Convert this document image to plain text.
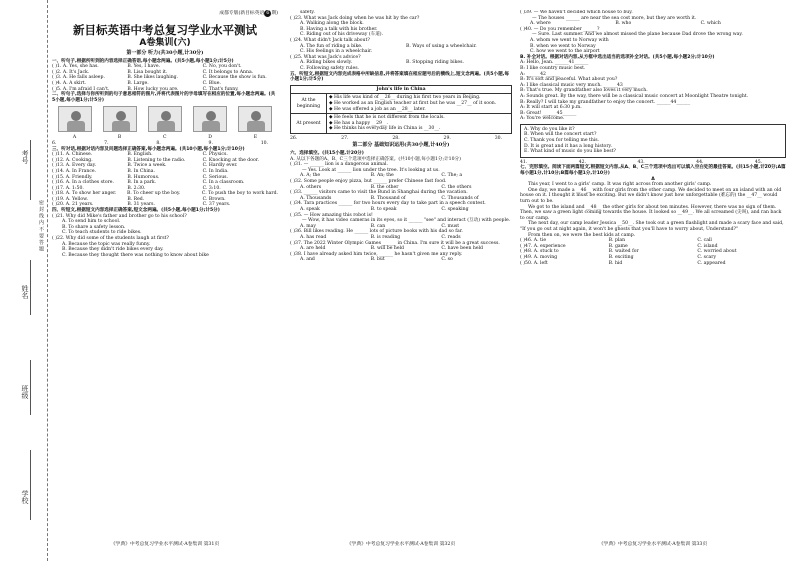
考号
姓名
班级
学校
密 封 线 内 不 要 答 题
成都专版(新目标英语 6 期)
新目标英语中考总复习学业水平测试
A卷集训(六)
第一部分 听力(共30小题,计30分)
一、听句子,根据所听到的内容选择正确答语,每小题念两遍。(共5小题,每小题1分;计5分)
( )1. A. Yes, she has.	B. Yes, I have.	C. No, you don't.
( )2. A. It's Jack.	B. Lisa bought it.	C. It belongs to Anna.
( )3. A. He falls asleep.	B. She likes laughing.	C. Because the show is fun.
( )4. A. A skirt.	B. Large.	C. Blue.
( )5. A. I'm afraid I can't.	B. How lucky you are.	C. That's funny.
二、听句子,选择与你所听到的句子意思相符的图片,并将代表图片的字母填写在相应的位置,每小题念两遍。(共5小题,每小题1分;计5分)
A	B	C	D	E
6.	7.	8.	9.	10.
三、听对话,根据对话内容及问题选择正确答案,每小题念两遍。(共10小题,每小题1分;计10分)
( )11. A. Chinese.	B. English.	C. Physics.
( )12. A. Cooking.	B. Listening to the radio.	C. Knocking at the door.
( )13. A. Every day.	B. Twice a week.	C. Hardly ever.
( )14. A. In France.	B. In China.	C. In India.
( )15. A. Friendly.	B. Humorous.	C. Serious.
( )16. A. In a clothes store.	B. In a park.	C. In a classroom.
( )17. A. 1:50.	B. 2:30.	C. 3:10.
( )18. A. To show her anger.	B. To cheer up the boy.	C. To push the boy to work hard.
( )19. A. Yellow.	B. Red.	C. Brown.
( )20. A. 21 years.	B. 31 years.	C. 37 years.
四、听短文,根据短文内容选择正确答案,短文念两遍。(共5小题,每小题1分;计5分)
( )21. Why did Mike's father and brother go to his school?
A. To send him to school.
B. To share a safety lesson.
C. To teach students to ride bikes.
( )22. Why did some of the students laugh at first?
A. Because the topic was really funny.
B. Because they didn't ride bikes every day.
C. Because they thought there was nothing to know about bike
safety.
( )23. What was Jack doing when he was hit by the car?
A. Walking along the block.
B. Having a talk with his brother.
C. Riding out of his driveway (车道).
( )24. What didn't Jack talk about?
A. The fun of riding a bike.	B. Ways of using a wheelchair.
C. His feelings in a wheelchair.
( )25. What was Jack's advice?
A. Riding bikes slowly.	B. Stopping riding bikes.
C. Following safety rules.
五、听短文,根据短文内容完成表格中所缺信息,并将答案填在相应题号后的横线上,短文念两遍。(共5小题,每小题1分;计5分)
John's life in China
At the beginning
◆ His life was kind of __26__ during his first two years in Beijing.
◆ He worked as an English teacher at first but he was __27__ of it soon.
◆ He was offered a job as an __28__ later.
At present
◆ He feels that he is not different from the locals.
◆ He has a happy __29__.
◆ He thinks his everyday life in China is __30__.
26.	27.	28.	29.	30.
第二部分 基础知识运用(共30小题,计40分)
六、选择填空。(共15小题,计20分)
A. 从以下各题的A、B、C三个选项中选择正确答案。(共10小题,每小题1分;计10分)
( )31. — ______ lion is a dangerous animal.
— Yes. Look at ______ lion under the tree. It's looking at us.
A. A; the	B. An; the	C. The; a
( )32. Some people enjoy pizza, but ______ prefer Chinese fast food.
A. others	B. the other	C. the others
( )33. ______ visitors came to visit the Bund in Shanghai during the vacation.
A. Thousands	B. Thousand of	C. Thousands of
( )34. Tara practices ______ for two hours every day to take part in a speech contest.
A. speak	B. to speak	C. speaking
( )35. — How amazing this robot is!
— Wow, it has video cameras in its eyes, so it ______ "see" and interact (互动) with people.
A. may	B. can	C. must
( )36. Bill likes reading. He ______ lots of picture books with his dad so far.
A. has read	B. is reading	C. reads
( )37. The 2022 Winter Olympic Games ______ in China. I'm sure it will be a great success.
A. are held	B. will be held	C. have been held
( )38. I have already asked him twice, ______ he hasn't given me any reply.
A. and	B. but	C. so
( )39. — We haven't decided which house to buy.
— The houses ______ are near the sea cost more, but they are worth it.
A. where	B. who	C. which
( )40. — Do you remember ______?
— Sure. Last summer. And we almost missed the plane because Dad drove the wrong way.
A. whom we went to Norway with
B. when we went to Norway
C. how we went to the airport
B. 补全对话。根据对话内容,从方框中选出适当的选项补全对话。(共5小题,每小题2分;计10分)
A: Hello, Jean. ______41______
B: I like country music best.
A: ______42______
B: It's soft and peaceful. What about you?
A: I like classical music very much. ______43______
B: That's true. My grandfather also loves it very much.
A: Sounds great. By the way, there will be a classical music concert at Moonlight Theatre tonight.
B: Really? I will take my grandfather to enjoy the concert. ______44______
A: It will start at 6:30 p.m.
B: Great! ______45______
A: You're welcome.
A. Why do you like it?
B. When will the concert start?
C. Thank you for telling me this.
D. It is great and it has a long history.
E. What kind of music do you like best?
41.______	42.______	43.______	44.______	45.______
七、完形填空。阅读下面两篇短文,根据短文内容,从A、B、C三个选项中选出可以填入空白处的最佳答案。(共15小题,计20分;A篇每小题1分,计10分;B篇每小题1分,计10分)
A
This year, I went to a girls' camp. It was right across from another girls' camp.
One day, we made a __46__ with four girls from the other camp. We decided to meet on an island with an old house on it. I thought it must be exciting. But we didn't know just how unforgettable (难忘的) the __47__ would turn out to be.
We got to the island and __48__ the other girls for about ten minutes. However, there was no sign of them. Then, we saw a green light coming towards the house. It looked so __49__. We all screamed (尖叫), and ran back to our camp.
The next day, our camp leader Jessica __50__. She took out a green flashlight and made a scary face and said, "If you go out at night again, it won't be ghosts that you'll have to worry about, Understand?"
From then on, we were the best kids at camp.
( )46. A. tie	B. plan	C. call
( )47. A. experience	B. game	C. island
( )48. A. stuck to	B. waited for	C. worried about
( )49. A. moving	B. exciting	C. scary
( )50. A. left	B. hid	C. appeared
《学典》中考总复习学业水平测试·A卷集训 第31页	《学典》中考总复习学业水平测试·A卷集训 第32页	《学典》中考总复习学业水平测试·A卷集训 第33页
